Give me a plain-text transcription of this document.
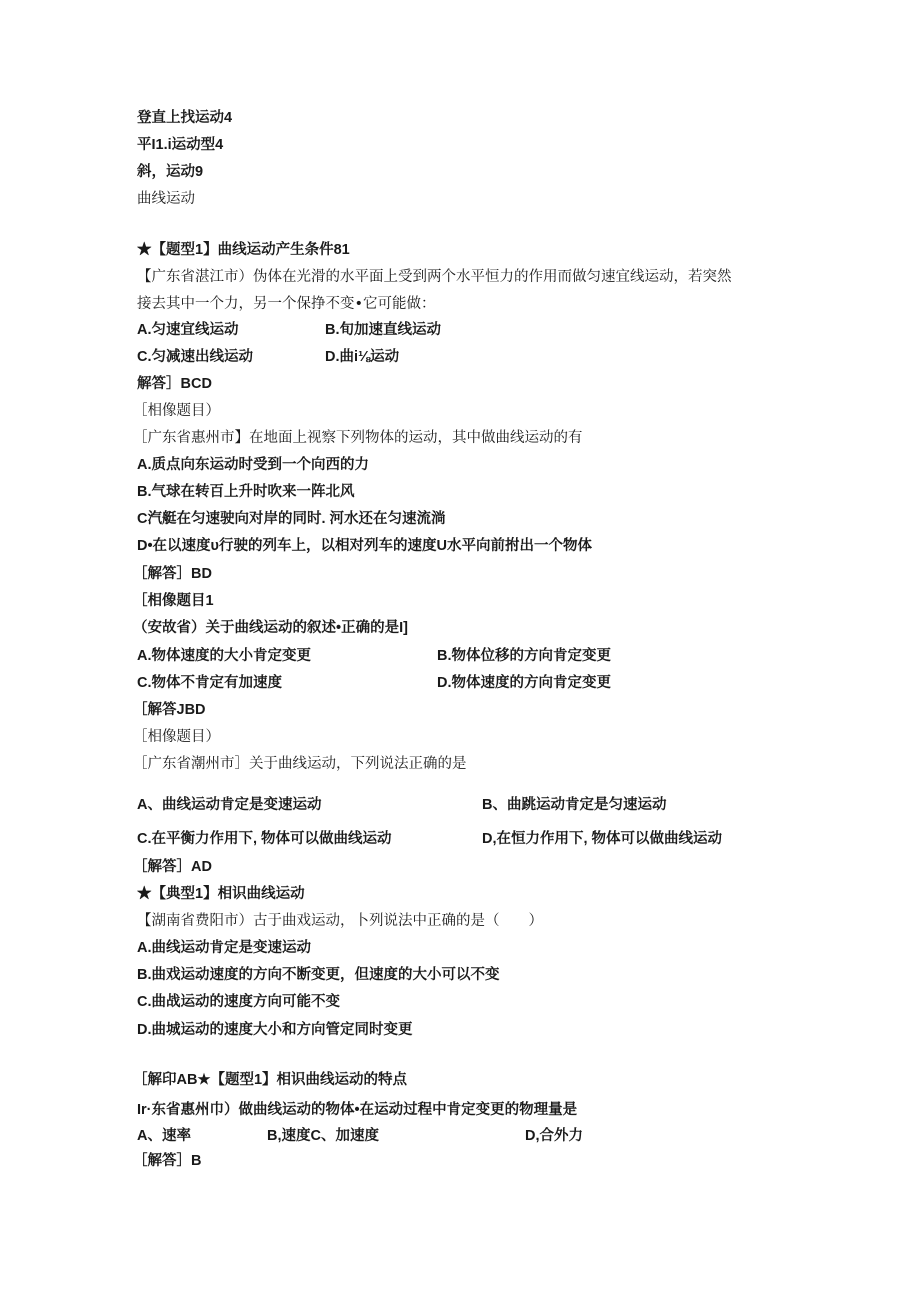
登直上找运动4
平I1.i运动型4
斜，运动9
曲线运动
★【题型1】曲线运动产生条件81
【广东省湛江市）伪体在光滑的水平面上受到两个水平恒力的作用而做匀速宜线运动，若突然
接去其中一个力，另一个保挣不变•它可能做：
A.匀速宜线运动	B.旬加速直线运动
C.匀减速出线运动	D.曲i⅛运动
解答］BCD
［相像题目）
［广东省惠州市】在地面上视察下列物体的运动，其中做曲线运动的有
A.质点向东运动时受到一个向西的力
B.气球在转百上升时吹来一阵北风
C汽艇在匀速驶向对岸的同时. 河水还在匀速流淌
D•在以速度υ行驶的列车上，以相对列车的速度U水平向前拊出一个物体
［解答］BD
［相像题目1
（安故省）关于曲线运动的叙述•正确的是I]
A.物体速度的大小肯定变更	B.物体位移的方向肯定变更
C.物体不肯定有加速度	D.物体速度的方向肯定变更
［解答JBD
［相像题目）
［广东省潮州市］关于曲线运动，下列说法正确的是
A、曲线运动肯定是变速运动	B、曲跳运动肯定是匀速运动
C.在平衡力作用下, 物体可以做曲线运动	D,在恒力作用下, 物体可以做曲线运动
［解答］AD
★【典型1】相识曲线运动
【湖南省费阳市）古于曲戏运动，卜列说法中正确的是（　　）
A.曲线运动肯定是变速运动
B.曲戏运动速度的方向不断变更，但速度的大小可以不变
C.曲战运动的速度方向可能不变
D.曲城运动的速度大小和方向管定同时变更
［解印AB★【题型1】相识曲线运动的特点
Ir·东省惠州巾）做曲线运动的物体•在运动过程中肯定变更的物理量是
A、速率	B,速度C、加速度	D,合外力
［解答］B
